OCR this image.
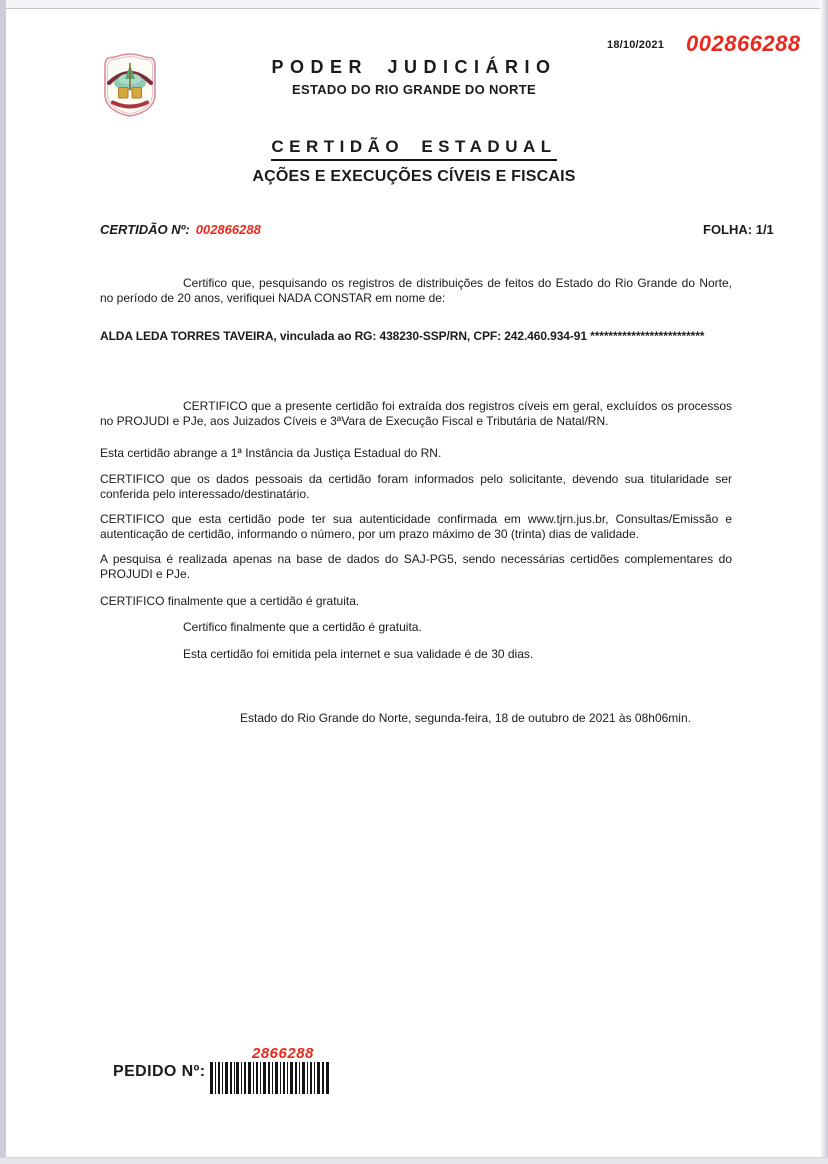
18/10/2021 002866288
PODER JUDICIÁRIO
ESTADO DO RIO GRANDE DO NORTE
CERTIDÃO ESTADUAL
AÇÕES E EXECUÇÕES CÍVEIS E FISCAIS
CERTIDÃO Nº: 002866288	FOLHA: 1/1

Certifico que, pesquisando os registros de distribuições de feitos do Estado do Rio Grande do Norte, no período de 20 anos, verifiquei NADA CONSTAR em nome de:

ALDA LEDA TORRES TAVEIRA, vinculada ao RG: 438230-SSP/RN, CPF: 242.460.934-91 *************************

CERTIFICO que a presente certidão foi extraída dos registros cíveis em geral, excluídos os processos no PROJUDI e PJe, aos Juizados Cíveis e 3ªVara de Execução Fiscal e Tributária de Natal/RN.

Esta certidão abrange a 1ª Instância da Justiça Estadual do RN.

CERTIFICO que os dados pessoais da certidão foram informados pelo solicitante, devendo sua titularidade ser conferida pelo interessado/destinatário.

CERTIFICO que esta certidão pode ter sua autenticidade confirmada em www.tjrn.jus.br, Consultas/Emissão e autenticação de certidão, informando o número, por um prazo máximo de 30 (trinta) dias de validade.

A pesquisa é realizada apenas na base de dados do SAJ-PG5, sendo necessárias certidões complementares do PROJUDI e PJe.

CERTIFICO finalmente que a certidão é gratuita.

Certifico finalmente que a certidão é gratuita.

Esta certidão foi emitida pela internet e sua validade é de 30 dias.

Estado do Rio Grande do Norte, segunda-feira, 18 de outubro de 2021 às 08h06min.

PEDIDO Nº:
2866288
